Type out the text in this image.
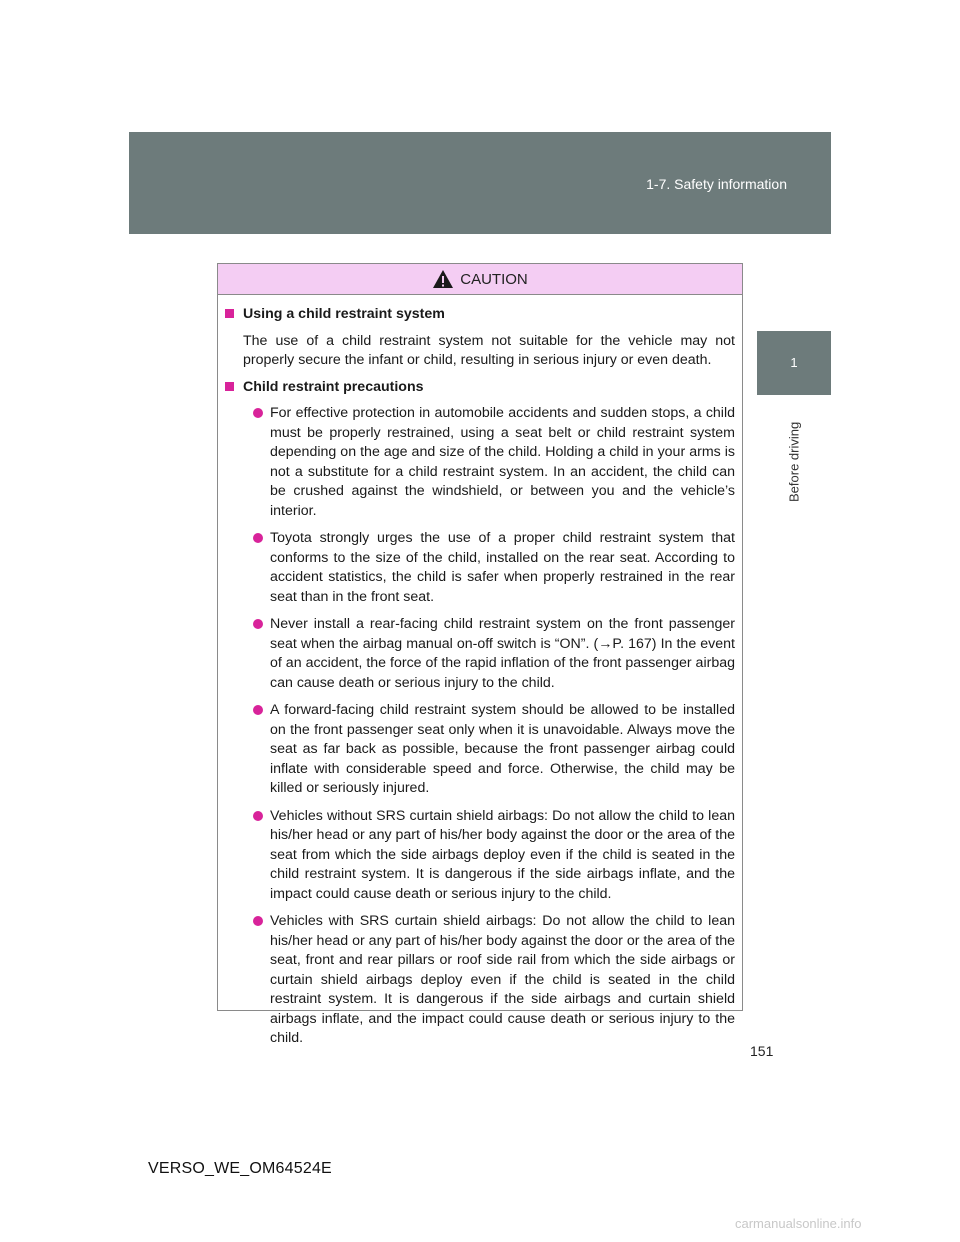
1-7. Safety information
1
Before driving
CAUTION
Using a child restraint system
The use of a child restraint system not suitable for the vehicle may not properly secure the infant or child, resulting in serious injury or even death.
Child restraint precautions
For effective protection in automobile accidents and sudden stops, a child must be properly restrained, using a seat belt or child restraint system depending on the age and size of the child. Holding a child in your arms is not a substitute for a child restraint system. In an accident, the child can be crushed against the windshield, or between you and the vehicle’s interior.
Toyota strongly urges the use of a proper child restraint system that conforms to the size of the child, installed on the rear seat. According to accident statistics, the child is safer when properly restrained in the rear seat than in the front seat.
Never install a rear-facing child restraint system on the front passenger seat when the airbag manual on-off switch is “ON”. (→P. 167) In the event of an accident, the force of the rapid inflation of the front passenger airbag can cause death or serious injury to the child.
A forward-facing child restraint system should be allowed to be installed on the front passenger seat only when it is unavoidable. Always move the seat as far back as possible, because the front passenger airbag could inflate with considerable speed and force. Otherwise, the child may be killed or seriously injured.
Vehicles without SRS curtain shield airbags: Do not allow the child to lean his/her head or any part of his/her body against the door or the area of the seat from which the side airbags deploy even if the child is seated in the child restraint system. It is dangerous if the side airbags inflate, and the impact could cause death or serious injury to the child.
Vehicles with SRS curtain shield airbags: Do not allow the child to lean his/her head or any part of his/her body against the door or the area of the seat, front and rear pillars or roof side rail from which the side airbags or curtain shield airbags deploy even if the child is seated in the child restraint system. It is dangerous if the side airbags and curtain shield airbags inflate, and the impact could cause death or serious injury to the child.
151
VERSO_WE_OM64524E
carmanualsonline.info
